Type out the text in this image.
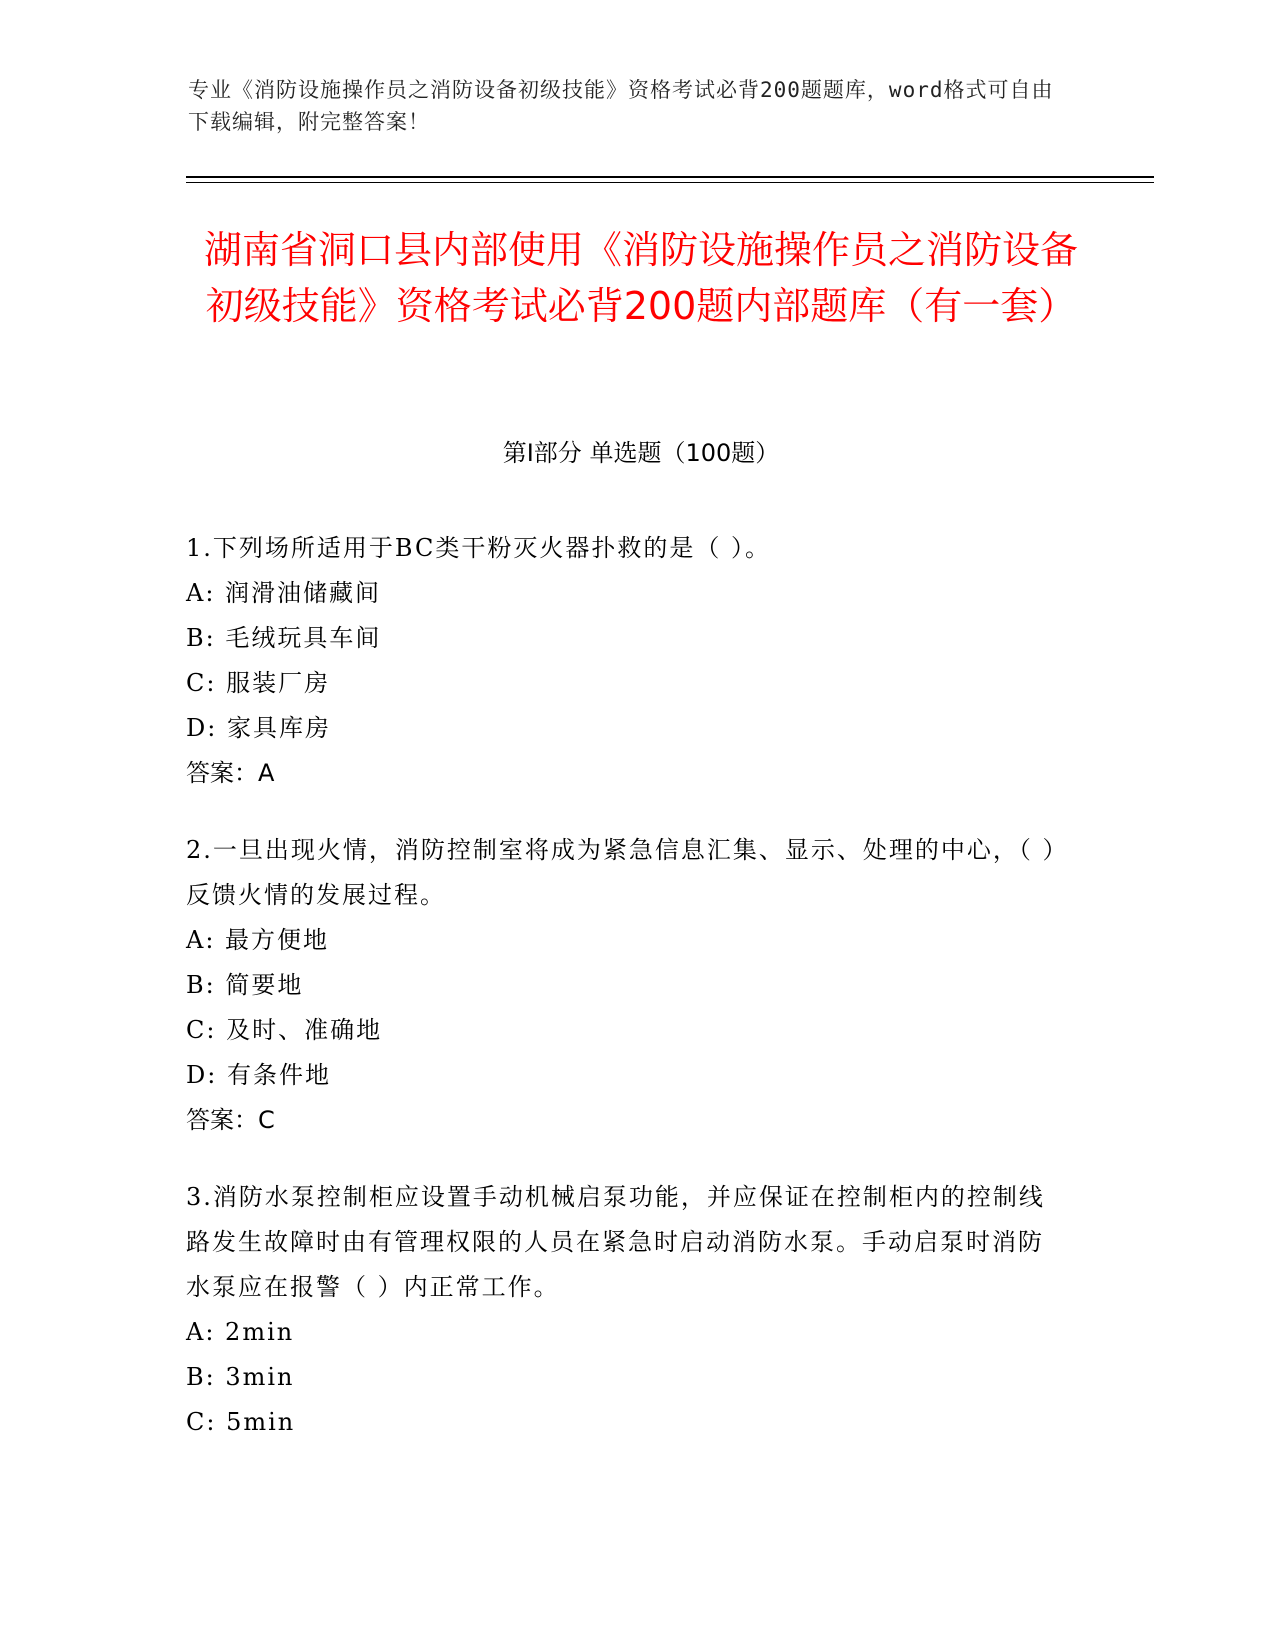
专业《消防设施操作员之消防设备初级技能》资格考试必背200题题库，word格式可自由下载编辑，附完整答案！
湖南省洞口县内部使用《消防设施操作员之消防设备初级技能》资格考试必背200题内部题库（有一套）
第I部分 单选题（100题）

1.下列场所适用于BC类干粉灭火器扑救的是（ ）。

A: 润滑油储藏间

B: 毛绒玩具车间

C: 服装厂房

D: 家具库房

答案：A

2.一旦出现火情，消防控制室将成为紧急信息汇集、显示、处理的中心，（ ）反馈火情的发展过程。

A: 最方便地

B: 简要地

C: 及时、准确地

D: 有条件地

答案：C

3.消防水泵控制柜应设置手动机械启泵功能，并应保证在控制柜内的控制线路发生故障时由有管理权限的人员在紧急时启动消防水泵。手动启泵时消防水泵应在报警（ ）内正常工作。

A: 2min

B: 3min

C: 5min
